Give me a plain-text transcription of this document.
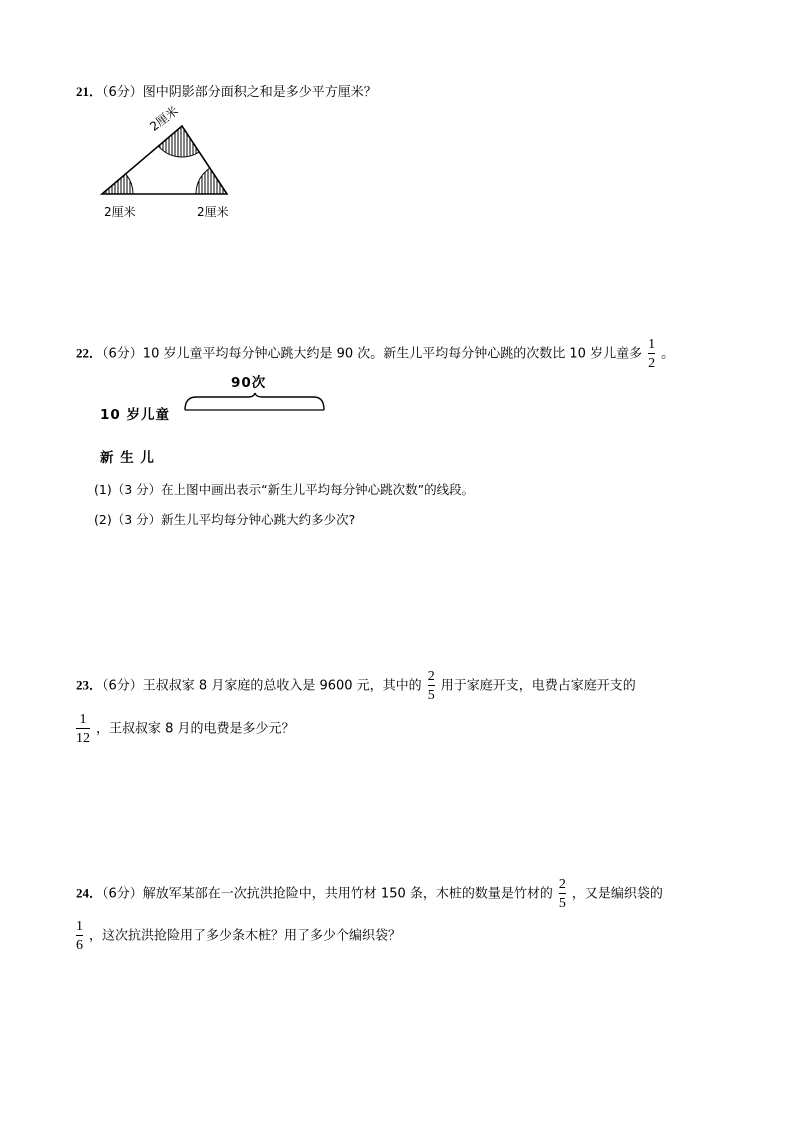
21．（6分）图中阴影部分面积之和是多少平方厘米？
2厘米
2厘米	2厘米
22．（6分）10 岁儿童平均每分钟心跳大约是 90 次。新生儿平均每分钟心跳的次数比 10 岁儿童多 $\frac{1}{2}$ 。
90次
10 岁儿童
新 生 儿
(1)（3 分）在上图中画出表示“新生儿平均每分钟心跳次数”的线段。
(2)（3 分）新生儿平均每分钟心跳大约多少次?
23．（6分）王叔叔家 8 月家庭的总收入是 9600 元，其中的 $\frac{2}{5}$ 用于家庭开支，电费占家庭开支的
$\frac{1}{12}$ ，王叔叔家 8 月的电费是多少元？
24．（6分）解放军某部在一次抗洪抢险中，共用竹材 150 条，木桩的数量是竹材的 $\frac{2}{5}$ ，又是编织袋的
$\frac{1}{6}$ ，这次抗洪抢险用了多少条木桩？用了多少个编织袋？
